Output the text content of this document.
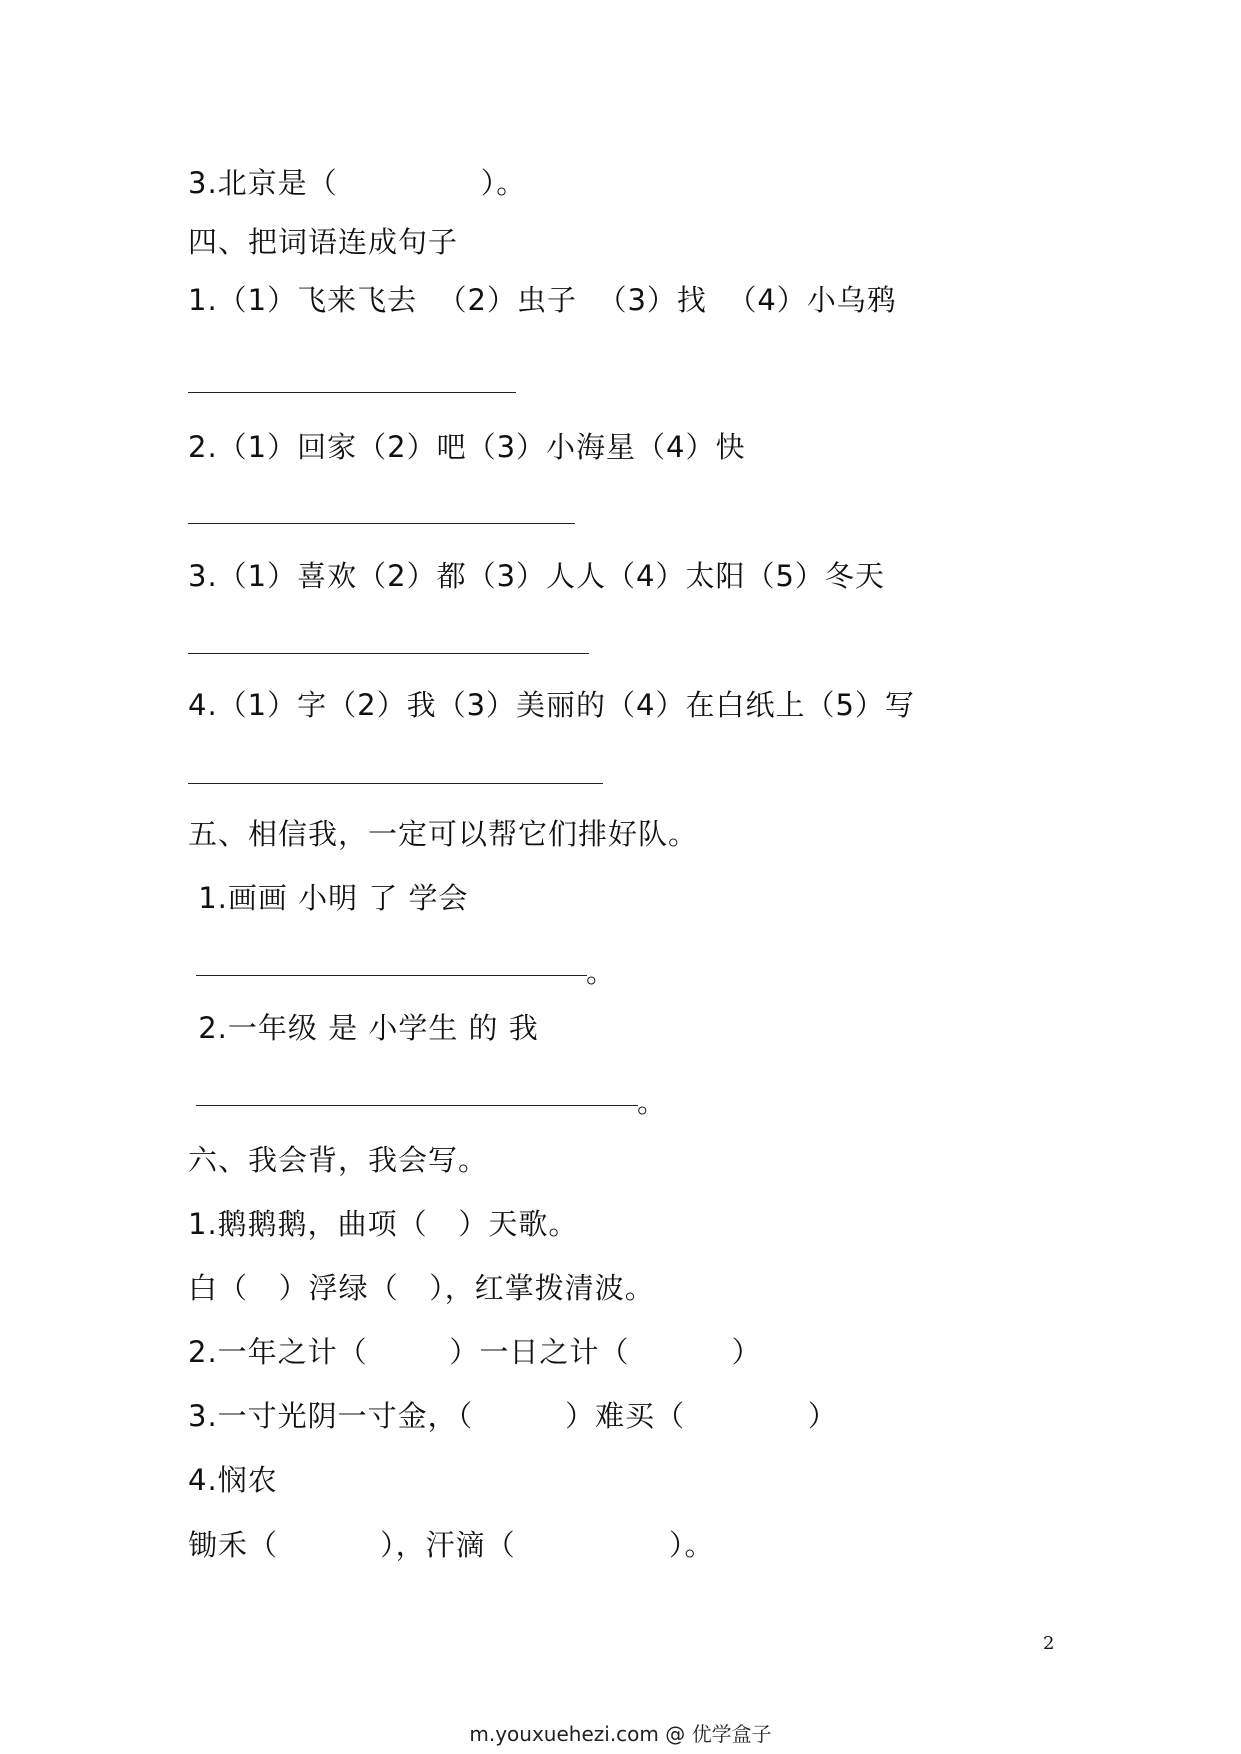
3.北京是（              ）。
四、把词语连成句子
1.（1）飞来飞去  （2）虫子  （3）找  （4）小乌鸦
2.（1）回家（2）吧（3）小海星（4）快
3.（1）喜欢（2）都（3）人人（4）太阳（5）冬天
4.（1）字（2）我（3）美丽的（4）在白纸上（5）写
五、相信我，一定可以帮它们排好队。
1.画画 小明 了 学会
。
2.一年级 是 小学生 的 我
。
六、我会背，我会写。
1.鹅鹅鹅，曲项（   ）天歌。
白（   ）浮绿（   ），红掌拨清波。
2.一年之计（        ）一日之计（          ）
3.一寸光阴一寸金，（         ）难买（            ）
4.悯农
锄禾（          ），汗滴（               ）。
2
m.youxuehezi.com @ 优学盒子
